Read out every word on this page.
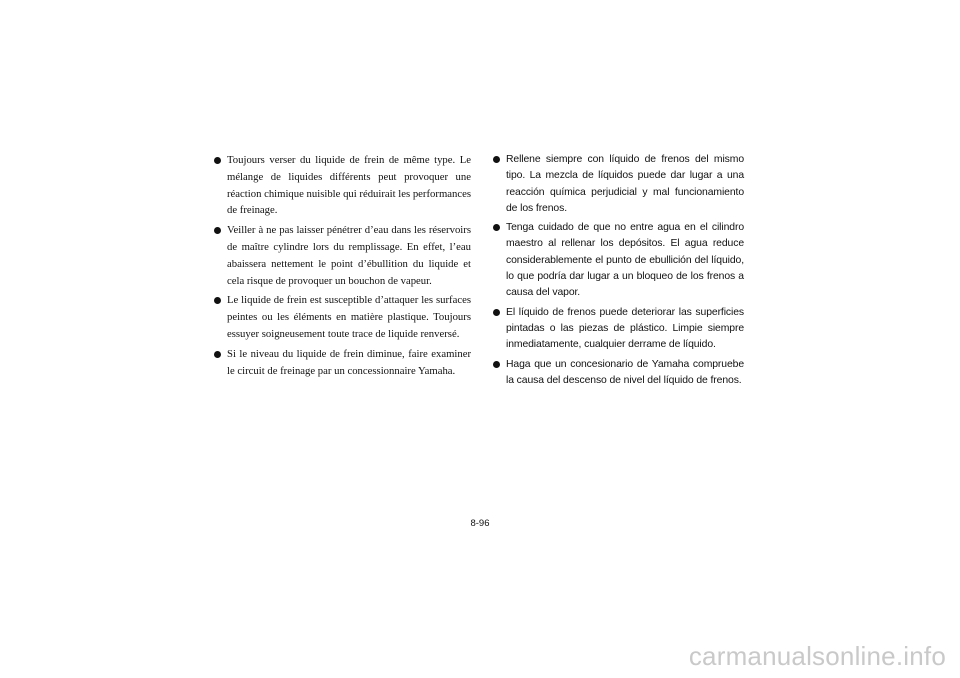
Toujours verser du liquide de frein de même type. Le mélange de liquides différents peut provoquer une réaction chimique nuisible qui réduirait les performances de freinage.
Veiller à ne pas laisser pénétrer d’eau dans les réservoirs de maître cylindre lors du remplissage. En effet, l’eau abaissera nettement le point d’ébullition du liquide et cela risque de provoquer un bouchon de vapeur.
Le liquide de frein est susceptible d’attaquer les surfaces peintes ou les éléments en matière plastique. Toujours essuyer soigneusement toute trace de liquide renversé.
Si le niveau du liquide de frein diminue, faire examiner le circuit de freinage par un concessionnaire Yamaha.
Rellene siempre con líquido de frenos del mismo tipo. La mezcla de líquidos puede dar lugar a una reacción química perjudicial y mal funcionamiento de los frenos.
Tenga cuidado de que no entre agua en el cilindro maestro al rellenar los depósitos. El agua reduce considerablemente el punto de ebullición del líquido, lo que podría dar lugar a un bloqueo de los frenos a causa del vapor.
El líquido de frenos puede deteriorar las superficies pintadas o las piezas de plástico. Limpie siempre inmediatamente, cualquier derrame de líquido.
Haga que un concesionario de Yamaha compruebe la causa del descenso de nivel del líquido de frenos.
8-96
carmanualsonline.info
